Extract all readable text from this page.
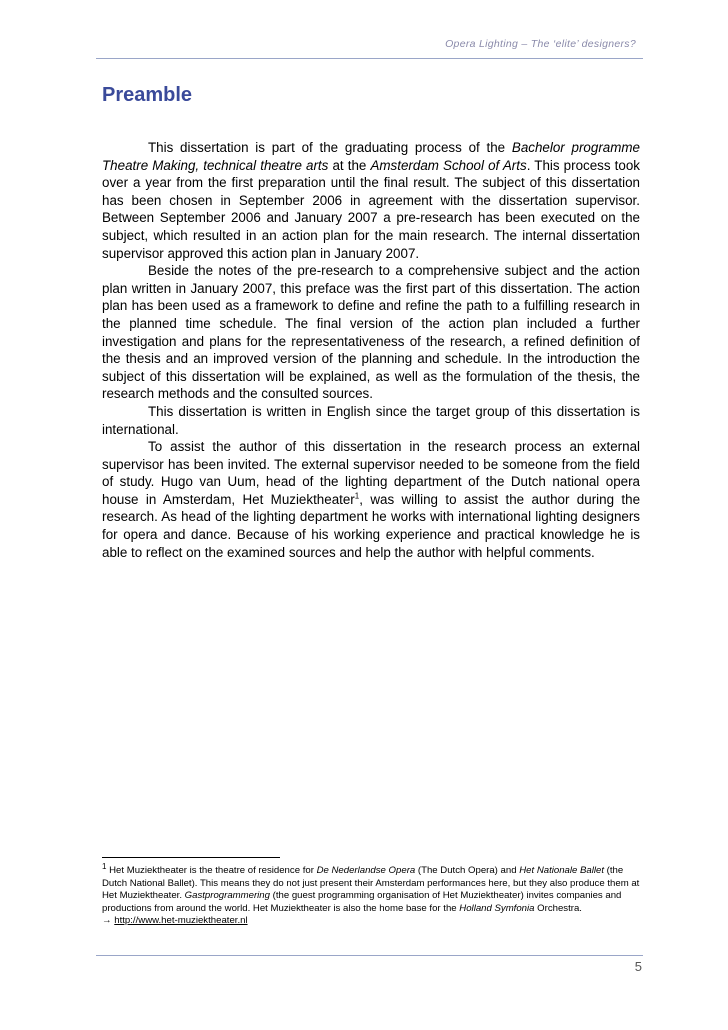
Opera Lighting – The ‘elite’ designers?
Preamble

This dissertation is part of the graduating process of the Bachelor programme Theatre Making, technical theatre arts at the Amsterdam School of Arts. This process took over a year from the first preparation until the final result. The subject of this dissertation has been chosen in September 2006 in agreement with the dissertation supervisor. Between September 2006 and January 2007 a pre-research has been executed on the subject, which resulted in an action plan for the main research. The internal dissertation supervisor approved this action plan in January 2007.

Beside the notes of the pre-research to a comprehensive subject and the action plan written in January 2007, this preface was the first part of this dissertation. The action plan has been used as a framework to define and refine the path to a fulfilling research in the planned time schedule. The final version of the action plan included a further investigation and plans for the representativeness of the research, a refined definition of the thesis and an improved version of the planning and schedule. In the introduction the subject of this dissertation will be explained, as well as the formulation of the thesis, the research methods and the consulted sources.

This dissertation is written in English since the target group of this dissertation is international.

To assist the author of this dissertation in the research process an external supervisor has been invited. The external supervisor needed to be someone from the field of study. Hugo van Uum, head of the lighting department of the Dutch national opera house in Amsterdam, Het Muziektheater$^1$, was willing to assist the author during the research. As head of the lighting department he works with international lighting designers for opera and dance. Because of his working experience and practical knowledge he is able to reflect on the examined sources and help the author with helpful comments.

$^1$ Het Muziektheater is the theatre of residence for De Nederlandse Opera (The Dutch Opera) and Het Nationale Ballet (the Dutch National Ballet). This means they do not just present their Amsterdam performances here, but they also produce them at Het Muziektheater. Gastprogrammering (the guest programming organisation of Het Muziektheater) invites companies and productions from around the world. Het Muziektheater is also the home base for the Holland Symfonia Orchestra.

→ http://www.het-muziektheater.nl

5
